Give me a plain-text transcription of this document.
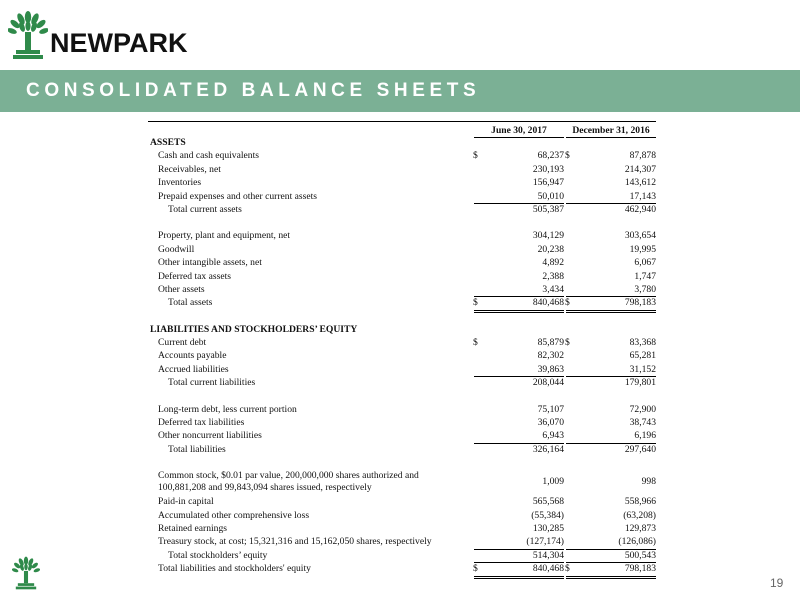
NEWPARK
CONSOLIDATED BALANCE SHEETS
June 30, 2017	December 31, 2016
ASSETS
Cash and cash equivalents	$	68,237 $	87,878
Receivables, net	230,193	214,307
Inventories	156,947	143,612
Prepaid expenses and other current assets	50,010	17,143
Total current assets	505,387	462,940
Property, plant and equipment, net	304,129	303,654
Goodwill	20,238	19,995
Other intangible assets, net	4,892	6,067
Deferred tax assets	2,388	1,747
Other assets	3,434	3,780
Total assets	$	840,468 $	798,183
LIABILITIES AND STOCKHOLDERS’ EQUITY
Current debt	$	85,879 $	83,368
Accounts payable	82,302	65,281
Accrued liabilities	39,863	31,152
Total current liabilities	208,044	179,801
Long-term debt, less current portion	75,107	72,900
Deferred tax liabilities	36,070	38,743
Other noncurrent liabilities	6,943	6,196
Total liabilities	326,164	297,640
Common stock, $0.01 par value, 200,000,000 shares authorized and 100,881,208 and 99,843,094 shares issued, respectively
1,009	998
Paid-in capital	565,568	558,966
Accumulated other comprehensive loss	(55,384)	(63,208)
Retained earnings	130,285	129,873
Treasury stock, at cost; 15,321,316 and 15,162,050 shares, respectively	(127,174)	(126,086)
Total stockholders’ equity	514,304	500,543
Total liabilities and stockholders' equity	$	840,468 $	798,183
19
